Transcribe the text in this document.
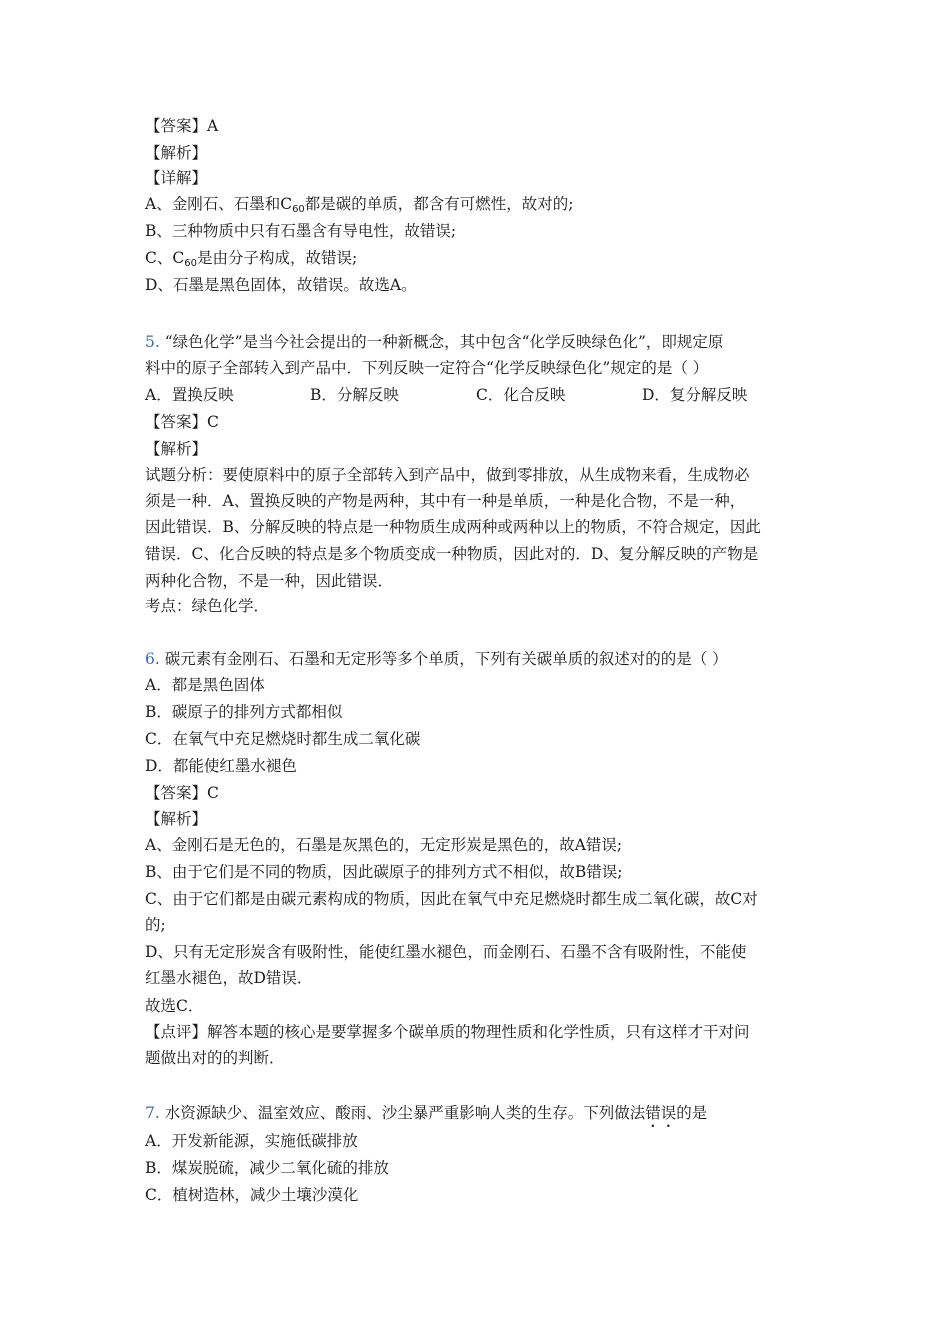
【答案】A

【解析】

【详解】

A、金刚石、石墨和$C_{60}$都是碳的单质，都含有可燃性，故对的;

B、三种物质中只有石墨含有导电性，故错误;

C、$C_{60}$是由分子构成，故错误;

D、石墨是黑色固体，故错误。故选A。

5. “绿色化学”是当今社会提出的一种新概念，其中包含“化学反映绿色化”，即规定原

料中的原子全部转入到产品中．下列反映一定符合“化学反映绿色化”规定的是（ ）

A．置换反映	B．分解反映	C．化合反映	D．复分解反映

【答案】C

【解析】

试题分析：要使原料中的原子全部转入到产品中，做到零排放，从生成物来看，生成物必

须是一种．A、置换反映的产物是两种，其中有一种是单质，一种是化合物，不是一种，

因此错误．B、分解反映的特点是一种物质生成两种或两种以上的物质，不符合规定，因此

错误．C、化合反映的特点是多个物质变成一种物质，因此对的．D、复分解反映的产物是

两种化合物，不是一种，因此错误．

考点：绿色化学．

6. 碳元素有金刚石、石墨和无定形等多个单质，下列有关碳单质的叙述对的的是（ ）

A．都是黑色固体

B．碳原子的排列方式都相似

C．在氧气中充足燃烧时都生成二氧化碳

D．都能使红墨水褪色

【答案】C

【解析】

A、金刚石是无色的，石墨是灰黑色的，无定形炭是黑色的，故A错误;

B、由于它们是不同的物质，因此碳原子的排列方式不相似，故B错误;

C、由于它们都是由碳元素构成的物质，因此在氧气中充足燃烧时都生成二氧化碳，故C对

的;

D、只有无定形炭含有吸附性，能使红墨水褪色，而金刚石、石墨不含有吸附性，不能使

红墨水褪色，故D错误．

故选C．

【点评】解答本题的核心是要掌握多个碳单质的物理性质和化学性质，只有这样才干对问

题做出对的的判断．

7. 水资源缺少、温室效应、酸雨、沙尘暴严重影响人类的生存。下列做法错误的是

A．开发新能源，实施低碳排放

B．煤炭脱硫，减少二氧化硫的排放

C．植树造林，减少土壤沙漠化
